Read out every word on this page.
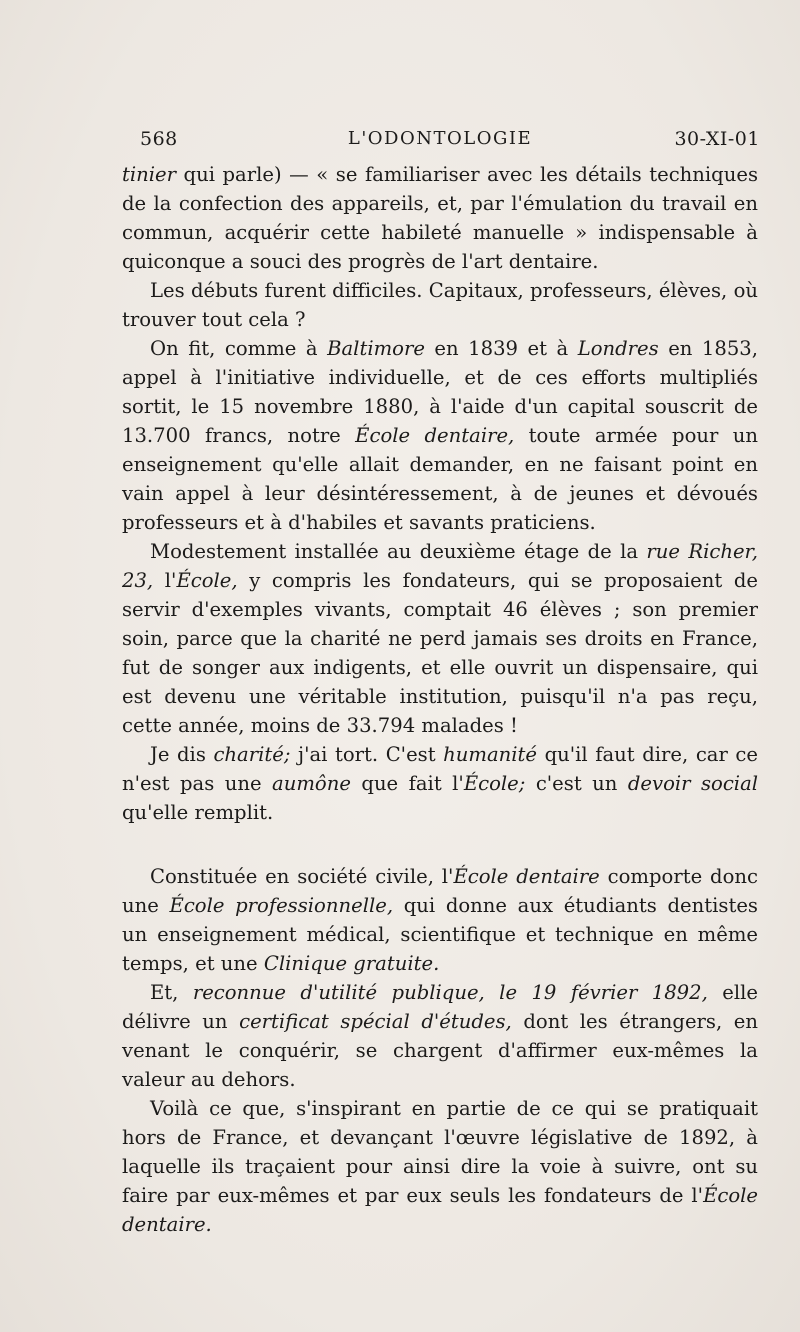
568	L'ODONTOLOGIE	30-XI-01

tinier qui parle) — « se familiariser avec les détails techniques de la confection des appareils, et, par l'émulation du travail en commun, acquérir cette habileté manuelle » indispensable à quiconque a souci des progrès de l'art dentaire.

Les débuts furent difficiles. Capitaux, professeurs, élèves, où trouver tout cela ?

On fit, comme à Baltimore en 1839 et à Londres en 1853, appel à l'initiative individuelle, et de ces efforts multipliés sortit, le 15 novembre 1880, à l'aide d'un capital souscrit de 13.700 francs, notre École dentaire, toute armée pour un enseignement qu'elle allait demander, en ne faisant point en vain appel à leur désintéressement, à de jeunes et dévoués professeurs et à d'habiles et savants praticiens.

Modestement installée au deuxième étage de la rue Richer, 23, l'École, y compris les fondateurs, qui se proposaient de servir d'exemples vivants, comptait 46 élèves ; son premier soin, parce que la charité ne perd jamais ses droits en France, fut de songer aux indigents, et elle ouvrit un dispensaire, qui est devenu une véritable institution, puisqu'il n'a pas reçu, cette année, moins de 33.794 malades !

Je dis charité; j'ai tort. C'est humanité qu'il faut dire, car ce n'est pas une aumône que fait l'École; c'est un devoir social qu'elle remplit.

Constituée en société civile, l'École dentaire comporte donc une École professionnelle, qui donne aux étudiants dentistes un enseignement médical, scientifique et technique en même temps, et une Clinique gratuite.

Et, reconnue d'utilité publique, le 19 février 1892, elle délivre un certificat spécial d'études, dont les étrangers, en venant le conquérir, se chargent d'affirmer eux-mêmes la valeur au dehors.

Voilà ce que, s'inspirant en partie de ce qui se pratiquait hors de France, et devançant l'œuvre législative de 1892, à laquelle ils traçaient pour ainsi dire la voie à suivre, ont su faire par eux-mêmes et par eux seuls les fondateurs de l'École dentaire.
